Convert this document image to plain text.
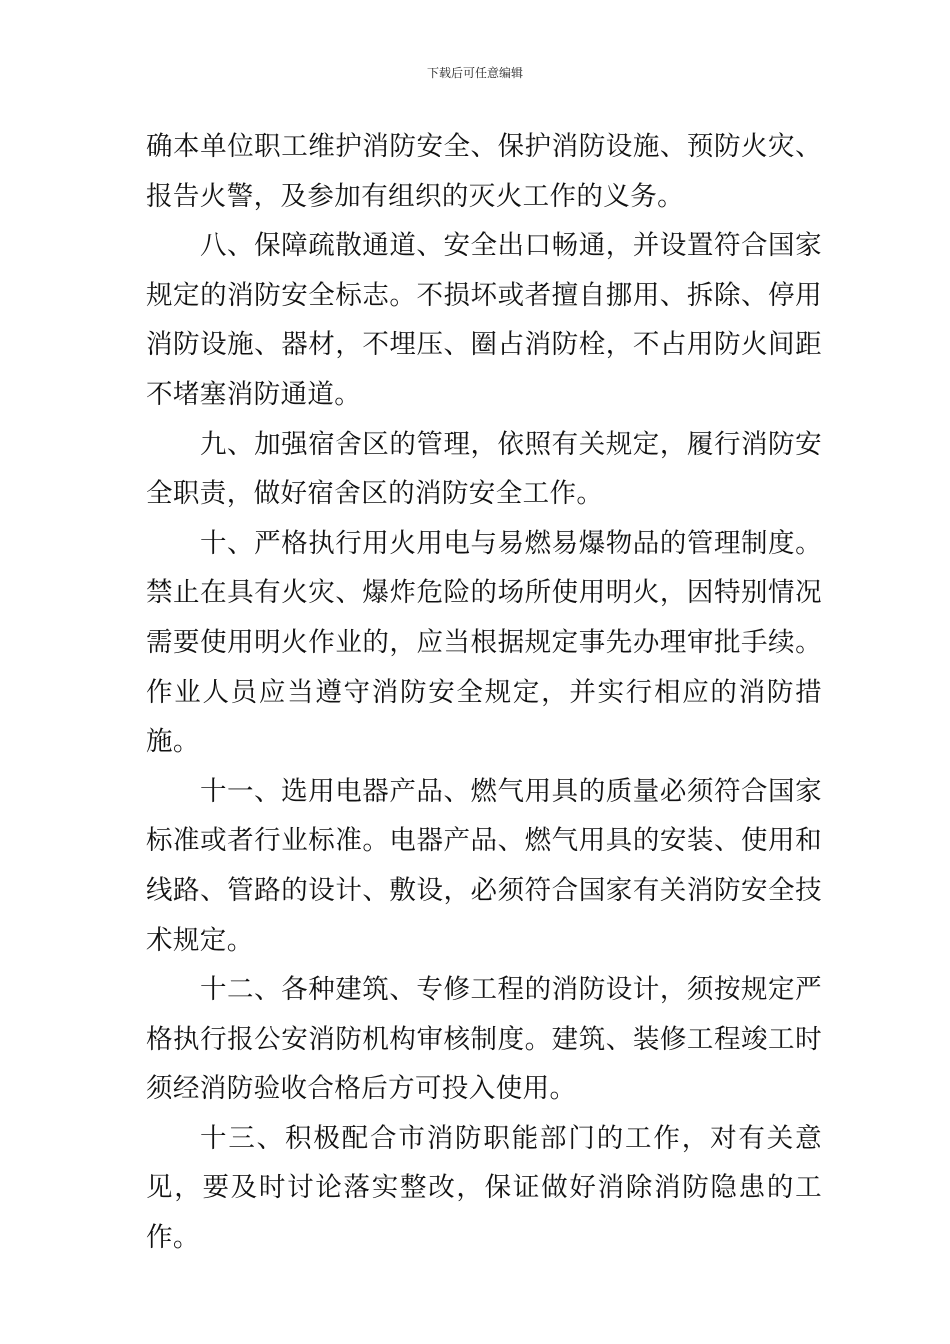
下载后可任意编辑

确本单位职工维护消防安全、保护消防设施、预防火灾、报告火警，及参加有组织的灭火工作的义务。

八、保障疏散通道、安全出口畅通，并设置符合国家规定的消防安全标志。不损坏或者擅自挪用、拆除、停用消防设施、器材，不埋压、圈占消防栓，不占用防火间距不堵塞消防通道。

九、加强宿舍区的管理，依照有关规定，履行消防安全职责，做好宿舍区的消防安全工作。

十、严格执行用火用电与易燃易爆物品的管理制度。禁止在具有火灾、爆炸危险的场所使用明火，因特别情况需要使用明火作业的，应当根据规定事先办理审批手续。作业人员应当遵守消防安全规定，并实行相应的消防措施。

十一、选用电器产品、燃气用具的质量必须符合国家标准或者行业标准。电器产品、燃气用具的安装、使用和线路、管路的设计、敷设，必须符合国家有关消防安全技术规定。

十二、各种建筑、专修工程的消防设计，须按规定严格执行报公安消防机构审核制度。建筑、装修工程竣工时须经消防验收合格后方可投入使用。

十三、积极配合市消防职能部门的工作，对有关意见，要及时讨论落实整改，保证做好消除消防隐患的工作。
